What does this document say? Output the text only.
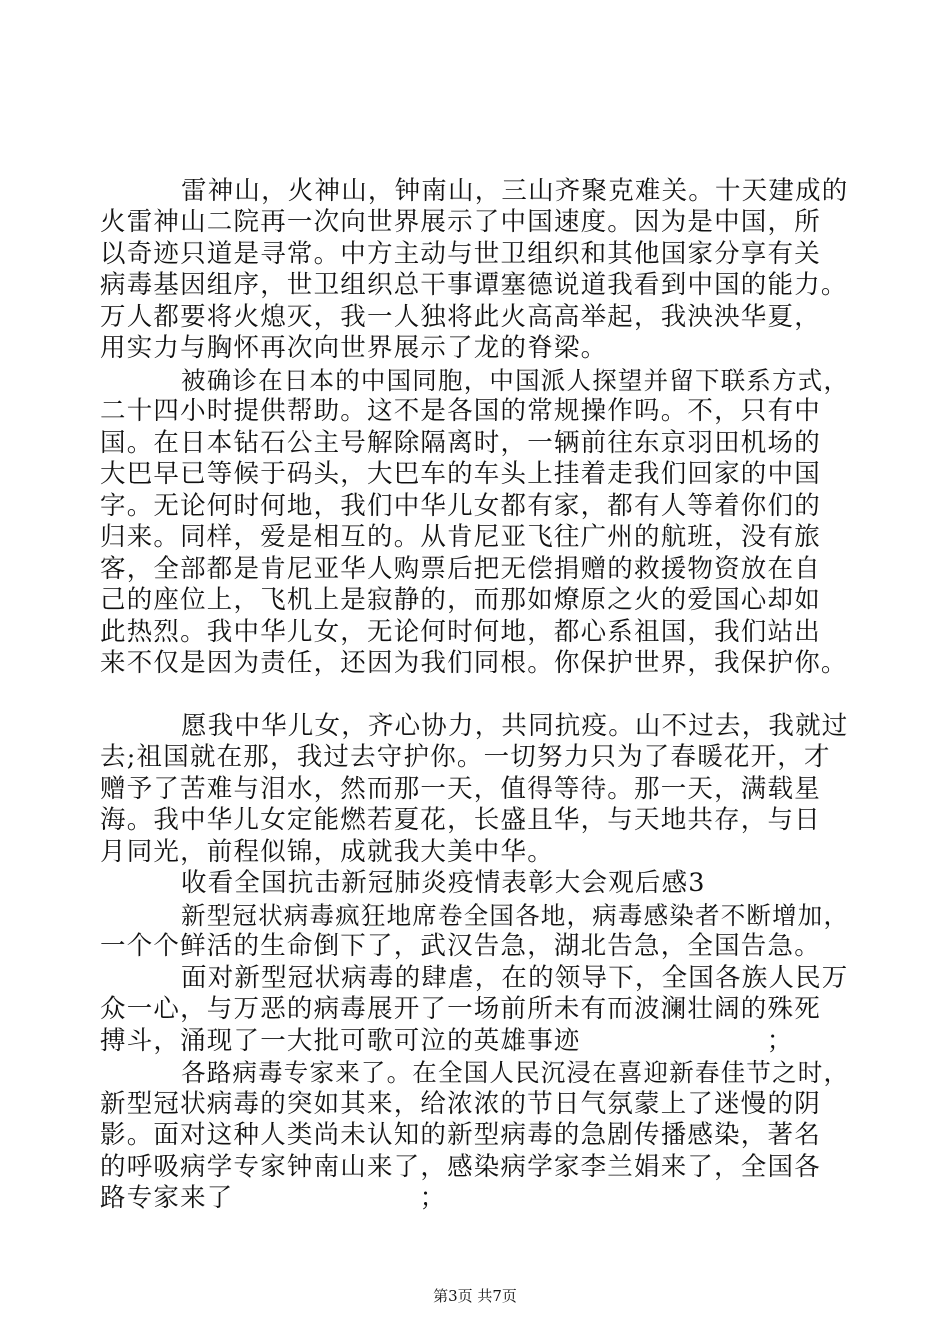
雷神山，火神山，钟南山，三山齐聚克难关。十天建成的
火雷神山二院再一次向世界展示了中国速度。因为是中国，所
以奇迹只道是寻常。中方主动与世卫组织和其他国家分享有关
病毒基因组序，世卫组织总干事谭塞德说道我看到中国的能力。
万人都要将火熄灭，我一人独将此火高高举起，我泱泱华夏，
用实力与胸怀再次向世界展示了龙的脊梁。
被确诊在日本的中国同胞，中国派人探望并留下联系方式，
二十四小时提供帮助。这不是各国的常规操作吗。不，只有中
国。在日本钻石公主号解除隔离时，一辆前往东京羽田机场的
大巴早已等候于码头，大巴车的车头上挂着走我们回家的中国
字。无论何时何地，我们中华儿女都有家，都有人等着你们的
归来。同样，爱是相互的。从肯尼亚飞往广州的航班，没有旅
客，全部都是肯尼亚华人购票后把无偿捐赠的救援物资放在自
己的座位上，飞机上是寂静的，而那如燎原之火的爱国心却如
此热烈。我中华儿女，无论何时何地，都心系祖国，我们站出
来不仅是因为责任，还因为我们同根。你保护世界，我保护你。
愿我中华儿女，齐心协力，共同抗疫。山不过去，我就过
去;祖国就在那，我过去守护你。一切努力只为了春暖花开，才
赠予了苦难与泪水，然而那一天，值得等待。那一天，满载星
海。我中华儿女定能燃若夏花，长盛且华，与天地共存，与日
月同光，前程似锦，成就我大美中华。
收看全国抗击新冠肺炎疫情表彰大会观后感3
新型冠状病毒疯狂地席卷全国各地，病毒感染者不断增加，
一个个鲜活的生命倒下了，武汉告急，湖北告急，全国告急。
面对新型冠状病毒的肆虐，在的领导下，全国各族人民万
众一心，与万恶的病毒展开了一场前所未有而波澜壮阔的殊死
搏斗，涌现了一大批可歌可泣的英雄事迹                    ；
各路病毒专家来了。在全国人民沉浸在喜迎新春佳节之时，
新型冠状病毒的突如其来，给浓浓的节日气氛蒙上了迷慢的阴
影。面对这种人类尚未认知的新型病毒的急剧传播感染，著名
的呼吸病学专家钟南山来了，感染病学家李兰娟来了，全国各
路专家来了                    ；
第3页 共7页
